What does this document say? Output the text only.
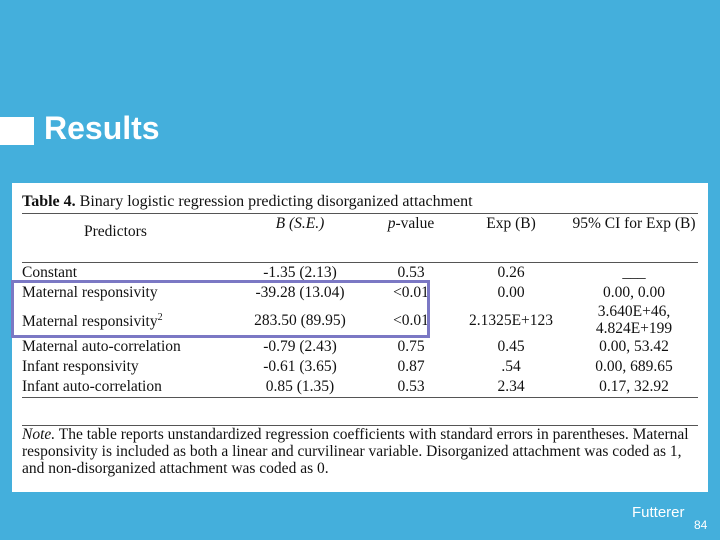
Results
Table 4. Binary logistic regression predicting disorganized attachment
Predictors	B (S.E.)	p-value	Exp (B)	95% CI for Exp (B)
Constant	-1.35 (2.13)	0.53	0.26	___
Maternal responsivity	-39.28 (13.04)	<0.01	0.00	0.00, 0.00
Maternal responsivity$^2$	283.50 (89.95)	<0.01	2.1325E+123	3.640E+46, 4.824E+199
Maternal auto-correlation	-0.79 (2.43)	0.75	0.45	0.00, 53.42
Infant responsivity	-0.61 (3.65)	0.87	.54	0.00, 689.65
Infant auto-correlation	0.85 (1.35)	0.53	2.34	0.17, 32.92
Note. The table reports unstandardized regression coefficients with standard errors in parentheses. Maternal responsivity is included as both a linear and curvilinear variable. Disorganized attachment was coded as 1, and non-disorganized attachment was coded as 0.
Futterer
84
